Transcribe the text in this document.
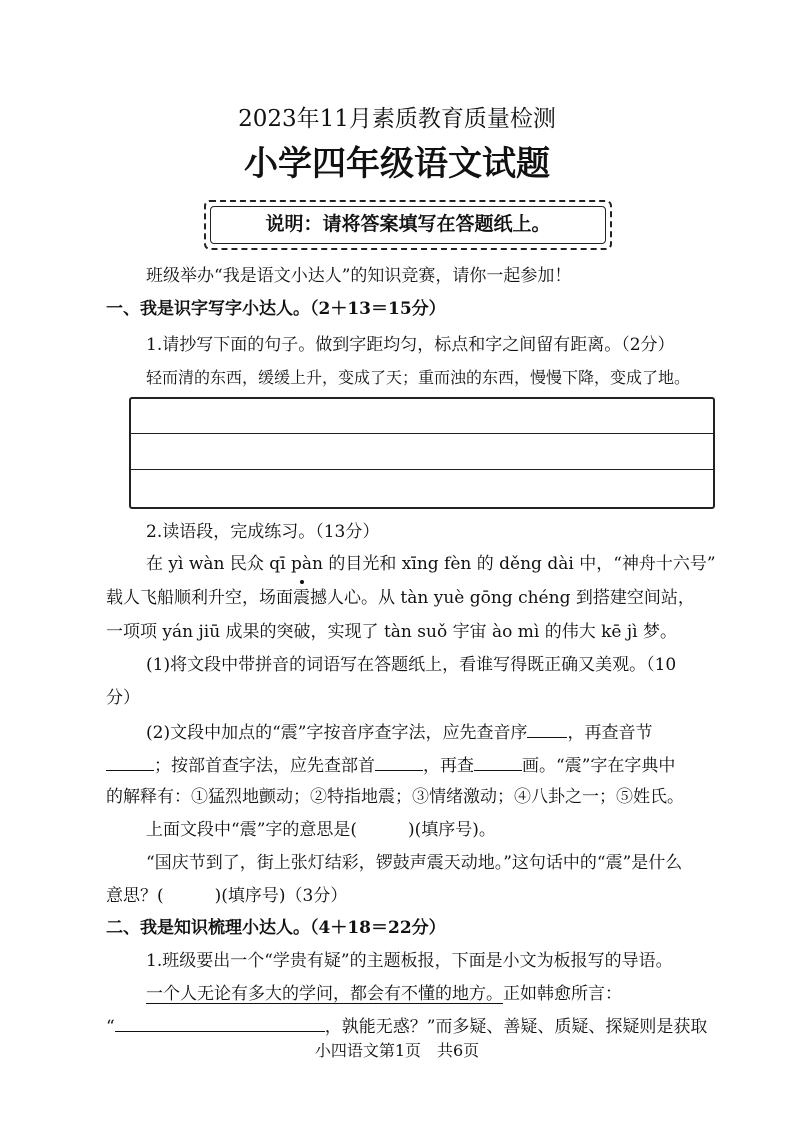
2023年11月素质教育质量检测
小学四年级语文试题
说明：请将答案填写在答题纸上。
班级举办“我是语文小达人”的知识竞赛，请你一起参加！
一、我是识字写字小达人。（2＋13＝15分）
1.请抄写下面的句子。做到字距均匀，标点和字之间留有距离。（2分）
轻而清的东西，缓缓上升，变成了天；重而浊的东西，慢慢下降，变成了地。
2.读语段，完成练习。（13分）
在 yì wàn 民众 qī pàn 的目光和 xīng fèn 的 děng dài 中，“神舟十六号”
载人飞船顺利升空，场面震撼人心。从 tàn yuè gōng chéng 到搭建空间站，
一项项 yán jiū 成果的突破，实现了 tàn suǒ 宇宙 ào mì 的伟大 kē jì 梦。
(1)将文段中带拼音的词语写在答题纸上，看谁写得既正确又美观。（10
分）
(2)文段中加点的“震”字按音序查字法，应先查音序 ，再查音节
；按部首查字法，应先查部首	，再查	画。“震”字在字典中
的解释有：①猛烈地颤动；②特指地震；③情绪激动；④八卦之一；⑤姓氏。
上面文段中“震”字的意思是(　　　)(填序号)。
“国庆节到了，街上张灯结彩，锣鼓声震天动地。”这句话中的“震”是什么
意思？(　　　)(填序号)（3分）
二、我是知识梳理小达人。（4＋18＝22分）
1.班级要出一个“学贵有疑”的主题板报，下面是小文为板报写的导语。
一个人无论有多大的学问，都会有不懂的地方。正如韩愈所言：
“	，孰能无惑？”而多疑、善疑、质疑、探疑则是获取
小四语文第1页　共6页
